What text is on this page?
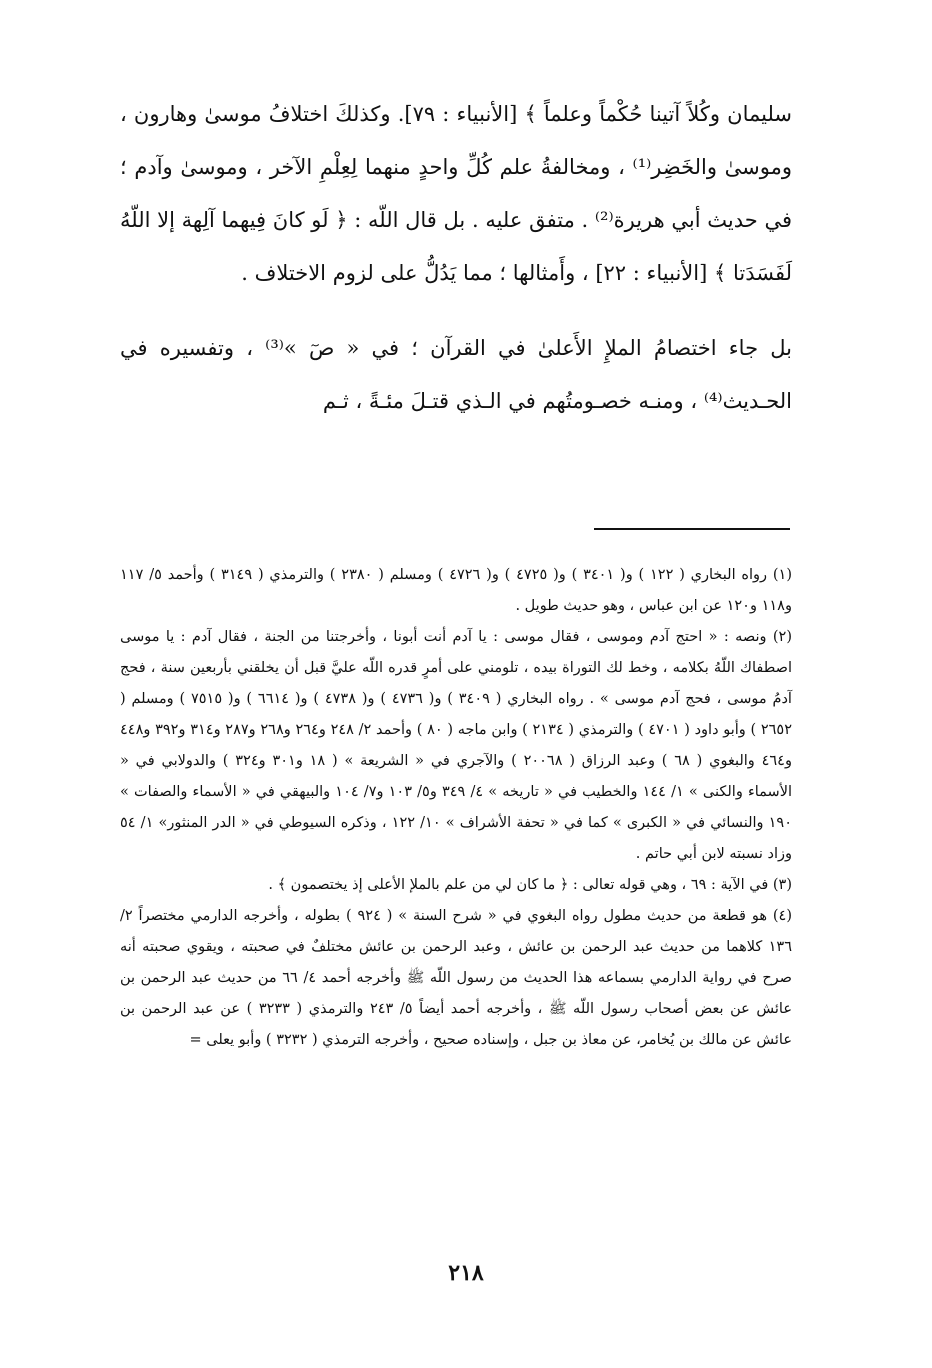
سليمان وكُلاً آتينا حُكْماً وعلماً ﴾ [الأنبياء : ٧٩]. وكذلكَ اختلافُ موسىٰ وهارون ، وموسىٰ والخَضِر⁽¹⁾ ، ومخالفةُ علم كُلِّ واحدٍ منهما لِعِلْمِ الآخر ، وموسىٰ وآدم ؛ في حديث أبي هريرة⁽²⁾ . متفق عليه . بل قال اللّه : ﴿ لَو كانَ فِيهما آلِهة إلا اللّهُ لَفَسَدَتا ﴾ [الأنبياء : ٢٢] ، وأَمثالها ؛ مما يَدُلُّ على لزوم الاختلاف .

بل جاء اختصامُ الملإِ الأَعلىٰ في القرآن ؛ في « صٓ »⁽³⁾ ، وتفسيره في الحـديث⁽⁴⁾ ، ومنـه خصـومتُهم في الـذي قتـلَ مئـةً ، ثـم

(١) رواه البخاري ( ١٢٢ ) و( ٣٤٠١ ) و( ٤٧٢٥ ) و( ٤٧٢٦ ) ومسلم ( ٢٣٨٠ ) والترمذي ( ٣١٤٩ ) وأحمد ٥/ ١١٧ و١١٨ و١٢٠ عن ابن عباس ، وهو حديث طويل .

(٢) ونصه : « احتج آدم وموسى ، فقال موسى : يا آدم أنت أبونا ، وأخرجتنا من الجنة ، فقال آدم : يا موسى اصطفاك اللّهُ بكلامه ، وخط لك التوراة بيده ، تلومني على أمرٍ قدره اللّه عليَّ قبل أن يخلقني بأربعين سنة ، فحج آدمُ موسى ، فحج آدم موسى » . رواه البخاري ( ٣٤٠٩ ) و( ٤٧٣٦ ) و( ٤٧٣٨ ) و( ٦٦١٤ ) و( ٧٥١٥ ) ومسلم ( ٢٦٥٢ ) وأبو داود ( ٤٧٠١ ) والترمذي ( ٢١٣٤ ) وابن ماجه ( ٨٠ ) وأحمد ٢/ ٢٤٨ و٢٦٤ و٢٦٨ و٢٨٧ و٣١٤ و٣٩٢ و٤٤٨ و٤٦٤ والبغوي ( ٦٨ ) وعبد الرزاق ( ٢٠٠٦٨ ) والآجري في « الشريعة » ( ١٨ و٣٠١ و٣٢٤ ) والدولابي في « الأسماء والكنى » ١/ ١٤٤ والخطيب في « تاريخه » ٤/ ٣٤٩ و٥/ ١٠٣ و٧/ ١٠٤ والبيهقي في « الأسماء والصفات » ١٩٠ والنسائي في « الكبرى » كما في « تحفة الأشراف » ١٠/ ١٢٢ ، وذكره السيوطي في « الدر المنثور» ١/ ٥٤ وزاد نسبته لابن أبي حاتم .

(٣) في الآية : ٦٩ ، وهي قوله تعالى : ﴿ ما كان لي من علم بالملإ الأعلى إذ يختصمون ﴾ .

(٤) هو قطعة من حديث مطول رواه البغوي في « شرح السنة » ( ٩٢٤ ) بطوله ، وأخرجه الدارمي مختصراً ٢/ ١٣٦ كلاهما من حديث عبد الرحمن بن عائش ، وعبد الرحمن بن عائش مختلفٌ في صحبته ، ويقوي صحبته أنه صرح في رواية الدارمي بسماعه هذا الحديث من رسول اللّه ﷺ وأخرجه أحمد ٤/ ٦٦ من حديث عبد الرحمن بن عائش عن بعض أصحاب رسول اللّه ﷺ ، وأخرجه أحمد أيضاً ٥/ ٢٤٣ والترمذي ( ٣٢٣٣ ) عن عبد الرحمن بن عائش عن مالك بن يُخامر، عن معاذ بن جبل ، وإسناده صحيح ، وأخرجه الترمذي ( ٣٢٣٢ ) وأبو يعلى =

٢١٨
